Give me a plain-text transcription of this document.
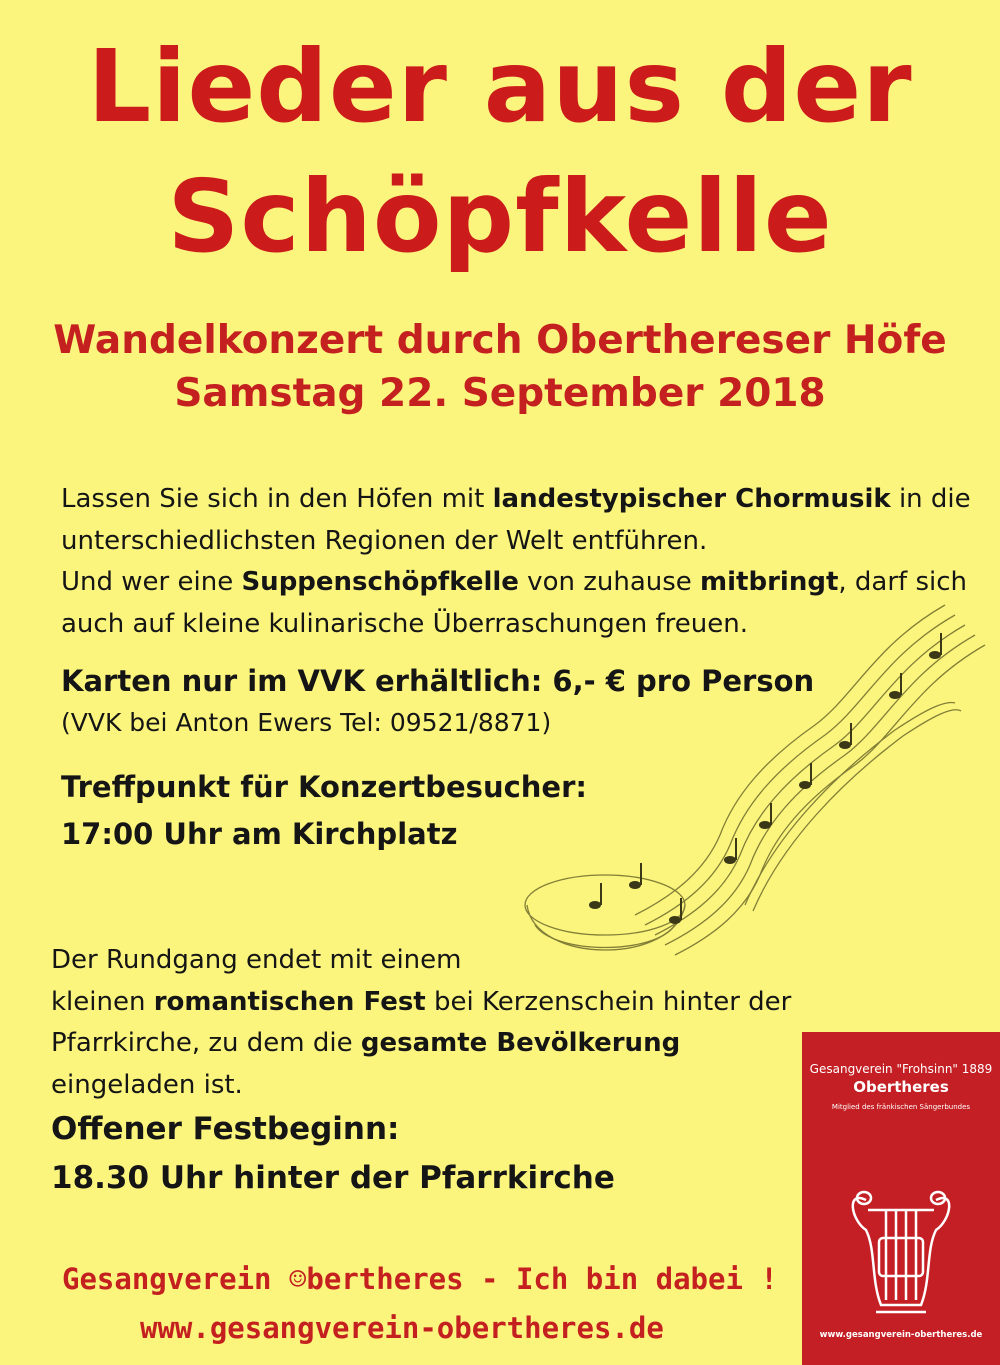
Lieder aus der
Schöpfkelle
Wandelkonzert durch Oberthereser Höfe
Samstag 22. September 2018
Lassen Sie sich in den Höfen mit landestypischer Chormusik in die unterschiedlichsten Regionen der Welt entführen.
Und wer eine Suppenschöpfkelle von zuhause mitbringt, darf sich auch auf kleine kulinarische Überraschungen freuen.
Karten nur im VVK erhältlich: 6,- € pro Person
(VVK bei Anton Ewers Tel: 09521/8871)
Treffpunkt für Konzertbesucher:
17:00 Uhr am Kirchplatz
Der Rundgang endet mit einem
kleinen romantischen Fest bei Kerzenschein hinter der
Pfarrkirche, zu dem die gesamte Bevölkerung
eingeladen ist.
Offener Festbeginn:
18.30 Uhr hinter der Pfarrkirche
Gesangverein ☺bertheres - Ich bin dabei !
www.gesangverein-obertheres.de
Gesangverein "Frohsinn" 1889
Obertheres
Mitglied des fränkischen Sängerbundes
www.gesangverein-obertheres.de
